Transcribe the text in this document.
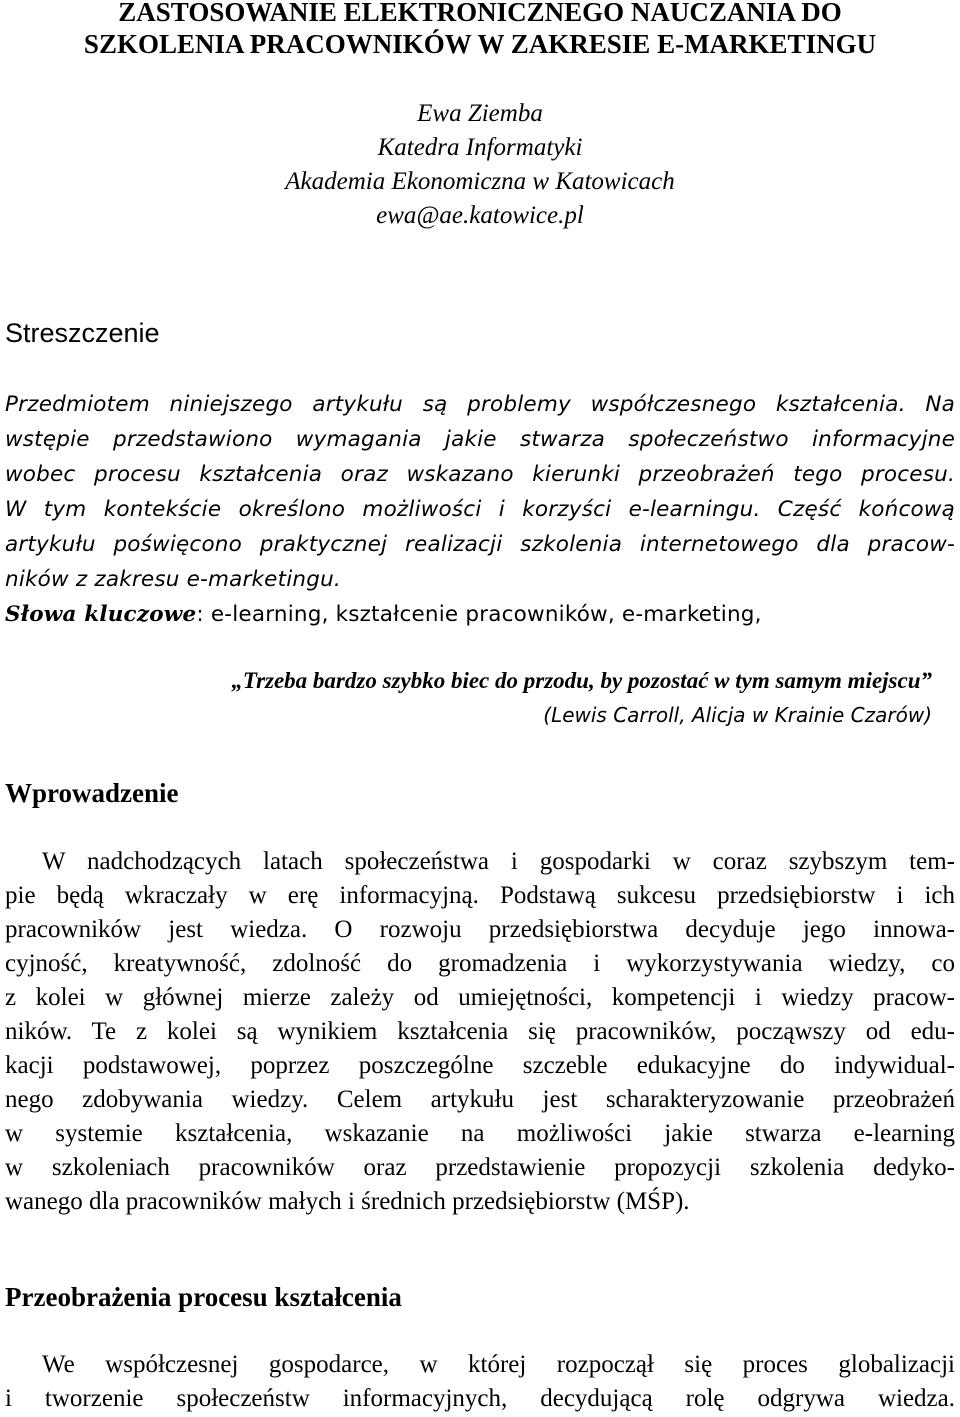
ZASTOSOWANIE ELEKTRONICZNEGO NAUCZANIA DO
SZKOLENIA PRACOWNIKÓW W ZAKRESIE E-MARKETINGU
Ewa Ziemba
Katedra Informatyki
Akademia Ekonomiczna w Katowicach
ewa@ae.katowice.pl
Streszczenie
Przedmiotem niniejszego artykułu są problemy współczesnego kształcenia. Na
wstępie przedstawiono wymagania jakie stwarza społeczeństwo informacyjne
wobec procesu kształcenia oraz wskazano kierunki przeobrażeń tego procesu.
W tym kontekście określono możliwości i korzyści e-learningu. Część końcową
artykułu poświęcono praktycznej realizacji szkolenia internetowego dla pracow-
ników z zakresu e-marketingu.
Słowa kluczowe: e-learning, kształcenie pracowników, e-marketing,
„Trzeba bardzo szybko biec do przodu, by pozostać w tym samym miejscu”
(Lewis Carroll, Alicja w Krainie Czarów)
Wprowadzenie
W nadchodzących latach społeczeństwa i gospodarki w coraz szybszym tem-
pie będą wkraczały w erę informacyjną. Podstawą sukcesu przedsiębiorstw i ich
pracowników jest wiedza. O rozwoju przedsiębiorstwa decyduje jego innowa-
cyjność, kreatywność, zdolność do gromadzenia i wykorzystywania wiedzy, co
z kolei w głównej mierze zależy od umiejętności, kompetencji i wiedzy pracow-
ników. Te z kolei są wynikiem kształcenia się pracowników, począwszy od edu-
kacji podstawowej, poprzez poszczególne szczeble edukacyjne do indywidual-
nego zdobywania wiedzy. Celem artykułu jest scharakteryzowanie przeobrażeń
w systemie kształcenia, wskazanie na możliwości jakie stwarza e-learning
w szkoleniach pracowników oraz przedstawienie propozycji szkolenia dedyko-
wanego dla pracowników małych i średnich przedsiębiorstw (MŚP).
Przeobrażenia procesu kształcenia
We współczesnej gospodarce, w której rozpoczął się proces globalizacji
i tworzenie społeczeństw informacyjnych, decydującą rolę odgrywa wiedza.
